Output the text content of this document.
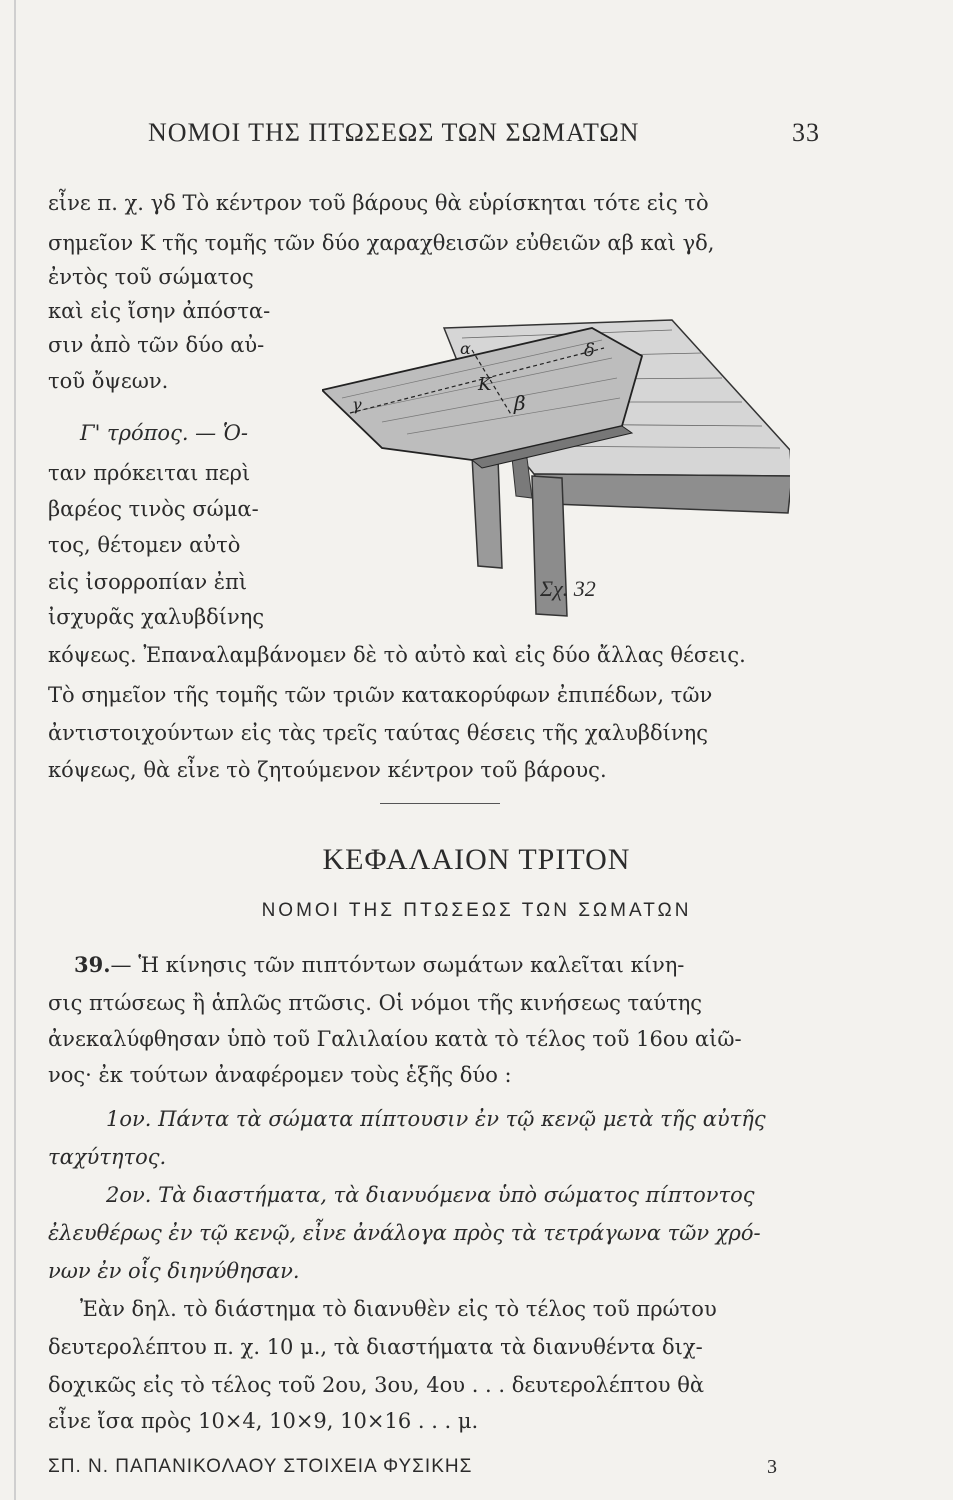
ΝΟΜΟΙ ΤΗΣ ΠΤΩΣΕΩΣ ΤΩΝ ΣΩΜΑΤΩΝ	33
εἶνε π. χ. γδ Τὸ κέντρον τοῦ βάρους θὰ εὑρίσκηται τότε εἰς τὸ
σημεῖον Κ τῆς τομῆς τῶν δύο χαραχθεισῶν εὐθειῶν αβ καὶ γδ,
ἐντὸς τοῦ σώματος
καὶ εἰς ἴσην ἀπόστα-
σιν ἀπὸ τῶν δύο αὐ-
τοῦ ὄψεων.
Γ' τρόπος. — Ὁ-
ταν πρόκειται περὶ
βαρέος τινὸς σώμα-
τος, θέτομεν αὐτὸ
εἰς ἰσορροπίαν ἐπὶ
ἰσχυρᾶς χαλυβδίνης
α
β
γ
δ
Κ
Σχ. 32
κόψεως. Ἐπαναλαμβάνομεν δὲ τὸ αὐτὸ καὶ εἰς δύο ἄλλας θέσεις.
Τὸ σημεῖον τῆς τομῆς τῶν τριῶν κατακορύφων ἐπιπέδων, τῶν
ἀντιστοιχούντων εἰς τὰς τρεῖς ταύτας θέσεις τῆς χαλυβδίνης
κόψεως, θὰ εἶνε τὸ ζητούμενον κέντρον τοῦ βάρους.
ΚΕΦΑΛΑΙΟΝ ΤΡΙΤΟΝ
ΝΟΜΟΙ ΤΗΣ ΠΤΩΣΕΩΣ ΤΩΝ ΣΩΜΑΤΩΝ
39.— Ἡ κίνησις τῶν πιπτόντων σωμάτων καλεῖται κίνη-
σις πτώσεως ἢ ἁπλῶς πτῶσις. Οἱ νόμοι τῆς κινήσεως ταύτης
ἀνεκαλύφθησαν ὑπὸ τοῦ Γαλιλαίου κατὰ τὸ τέλος τοῦ 16ου αἰῶ-
νος· ἐκ τούτων ἀναφέρομεν τοὺς ἑξῆς δύο :
1ον. Πάντα τὰ σώματα πίπτουσιν ἐν τῷ κενῷ μετὰ τῆς αὐτῆς
ταχύτητος.
2ον. Τὰ διαστήματα, τὰ διανυόμενα ὑπὸ σώματος πίπτοντος
ἐλευθέρως ἐν τῷ κενῷ, εἶνε ἀνάλογα πρὸς τὰ τετράγωνα τῶν χρό-
νων ἐν οἷς διηνύθησαν.
Ἐὰν δηλ. τὸ διάστημα τὸ διανυθὲν εἰς τὸ τέλος τοῦ πρώτου
δευτερολέπτου π. χ. 10 μ., τὰ διαστήματα τὰ διανυθέντα διχ-
δοχικῶς εἰς τὸ τέλος τοῦ 2ου, 3ου, 4ου . . . δευτερολέπτου θὰ
εἶνε ἴσα πρὸς 10×4, 10×9, 10×16 . . . μ.
ΣΠ. Ν. ΠΑΠΑΝΙΚΟΛΑΟΥ ΣΤΟΙΧΕΙΑ ΦΥΣΙΚΗΣ	3
